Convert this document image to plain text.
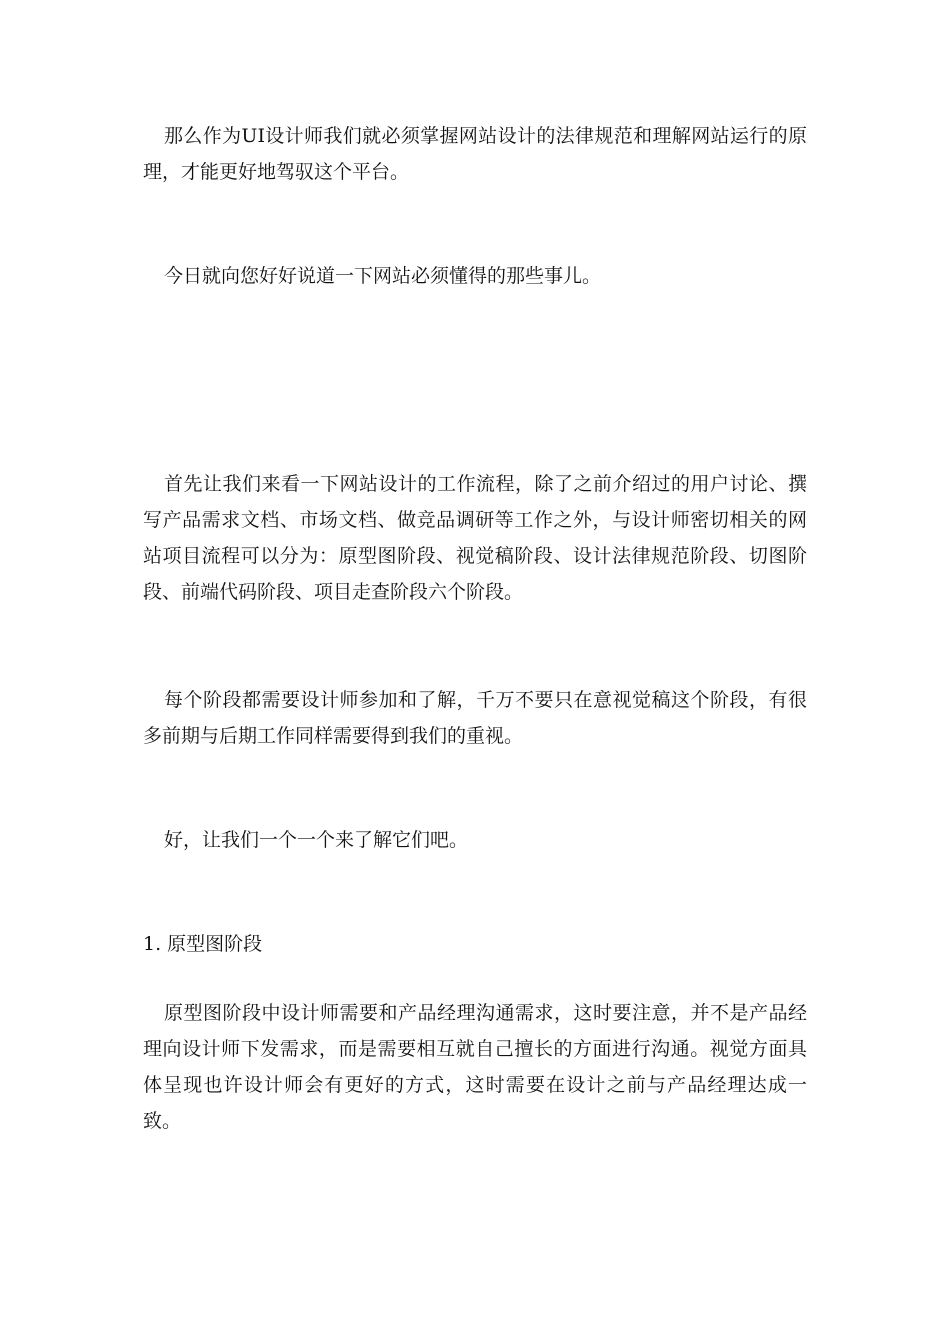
那么作为UI设计师我们就必须掌握网站设计的法律规范和理解网站运行的原理，才能更好地驾驭这个平台。

今日就向您好好说道一下网站必须懂得的那些事儿。

首先让我们来看一下网站设计的工作流程，除了之前介绍过的用户讨论、撰写产品需求文档、市场文档、做竞品调研等工作之外，与设计师密切相关的网站项目流程可以分为：原型图阶段、视觉稿阶段、设计法律规范阶段、切图阶段、前端代码阶段、项目走查阶段六个阶段。

每个阶段都需要设计师参加和了解，千万不要只在意视觉稿这个阶段，有很多前期与后期工作同样需要得到我们的重视。

好，让我们一个一个来了解它们吧。

1. 原型图阶段

原型图阶段中设计师需要和产品经理沟通需求，这时要注意，并不是产品经理向设计师下发需求，而是需要相互就自己擅长的方面进行沟通。视觉方面具体呈现也许设计师会有更好的方式，这时需要在设计之前与产品经理达成一致。
